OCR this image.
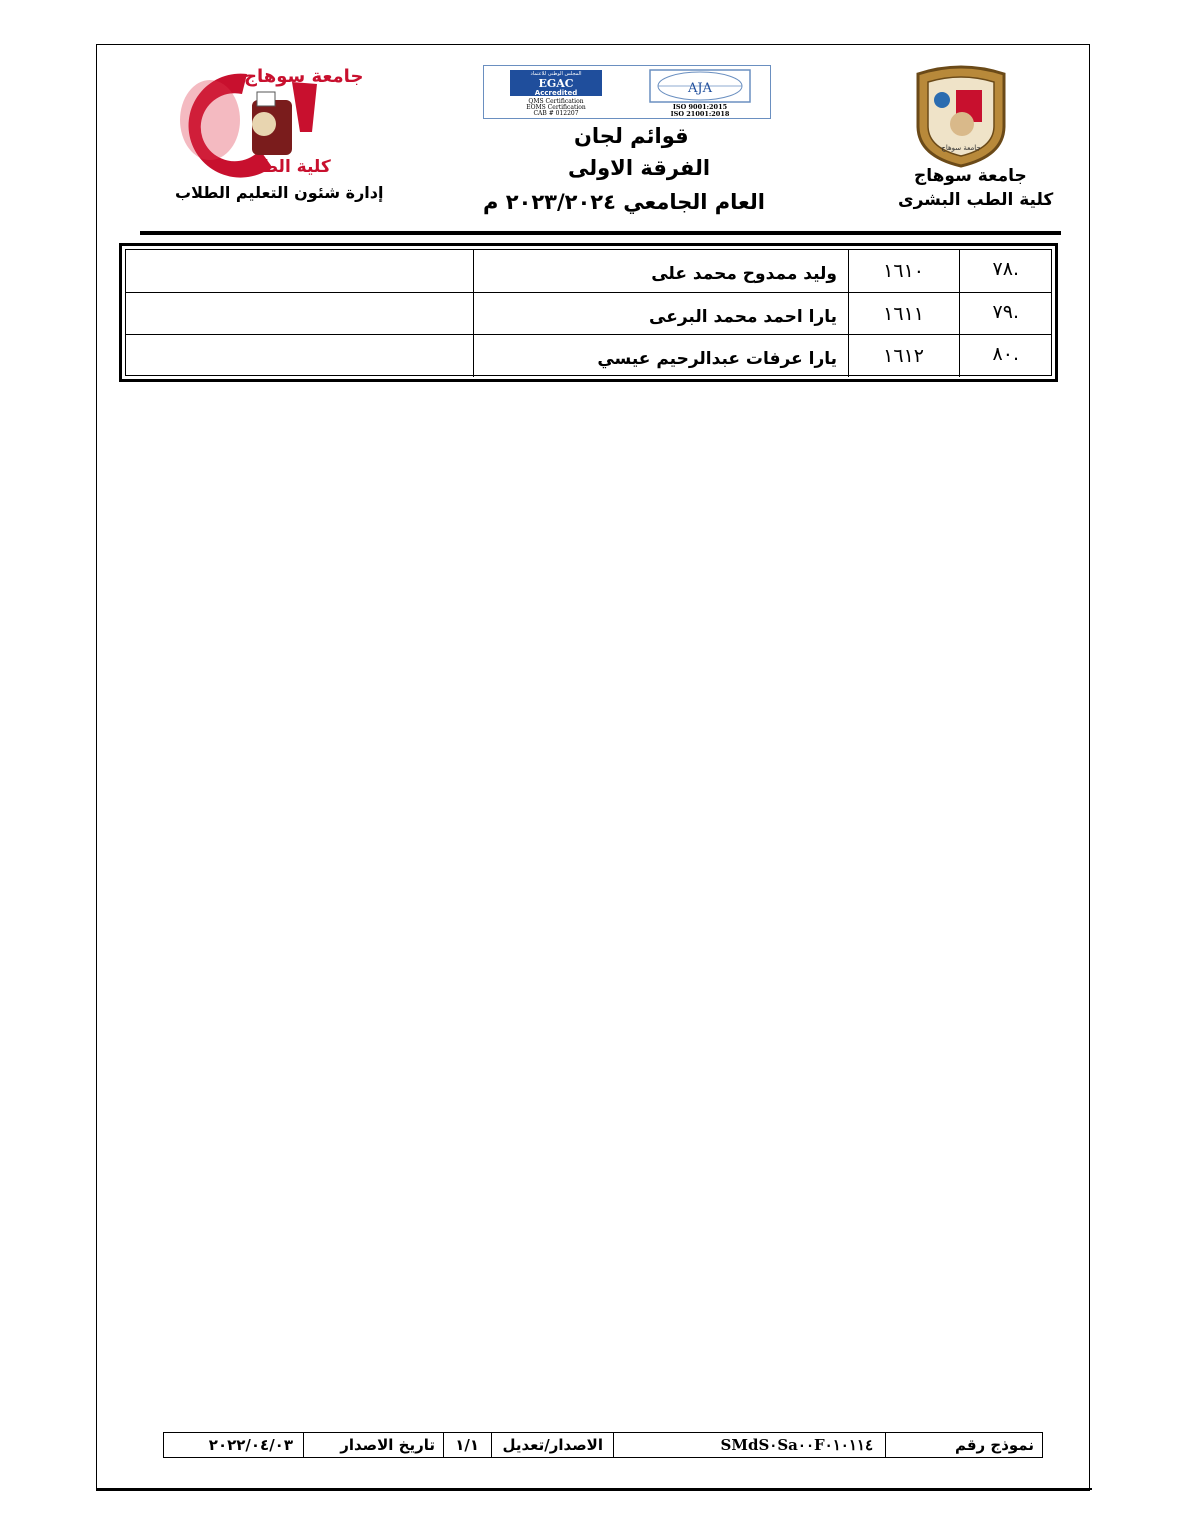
جامعة سوهاج
كلية الطب
جامعة سوهاج
المجلس الوطنى للاعتماد
EGAC
Accredited
QMS Certification
EOMS Certification
CAB # 012207
AJA
ISO 9001:2015
ISO 21001:2018
جامعة سوهاج
كلية الطب البشرى
إدارة شئون التعليم الطلاب
قوائم لجان
الفرقة الاولى
العام الجامعي ٢٠٢٣/٢٠٢٤ م
.٧٨
١٦١٠
وليد ممدوح محمد على
.٧٩
١٦١١
يارا احمد محمد البرعى
.٨٠
١٦١٢
يارا عرفات عبدالرحيم عيسي
نموذج رقم
SMdS٠Sa٠٠F٠١٠١١٤
الاصدار/تعديل
١/١
تاريخ الاصدار
٢٠٢٢/٠٤/٠٣
